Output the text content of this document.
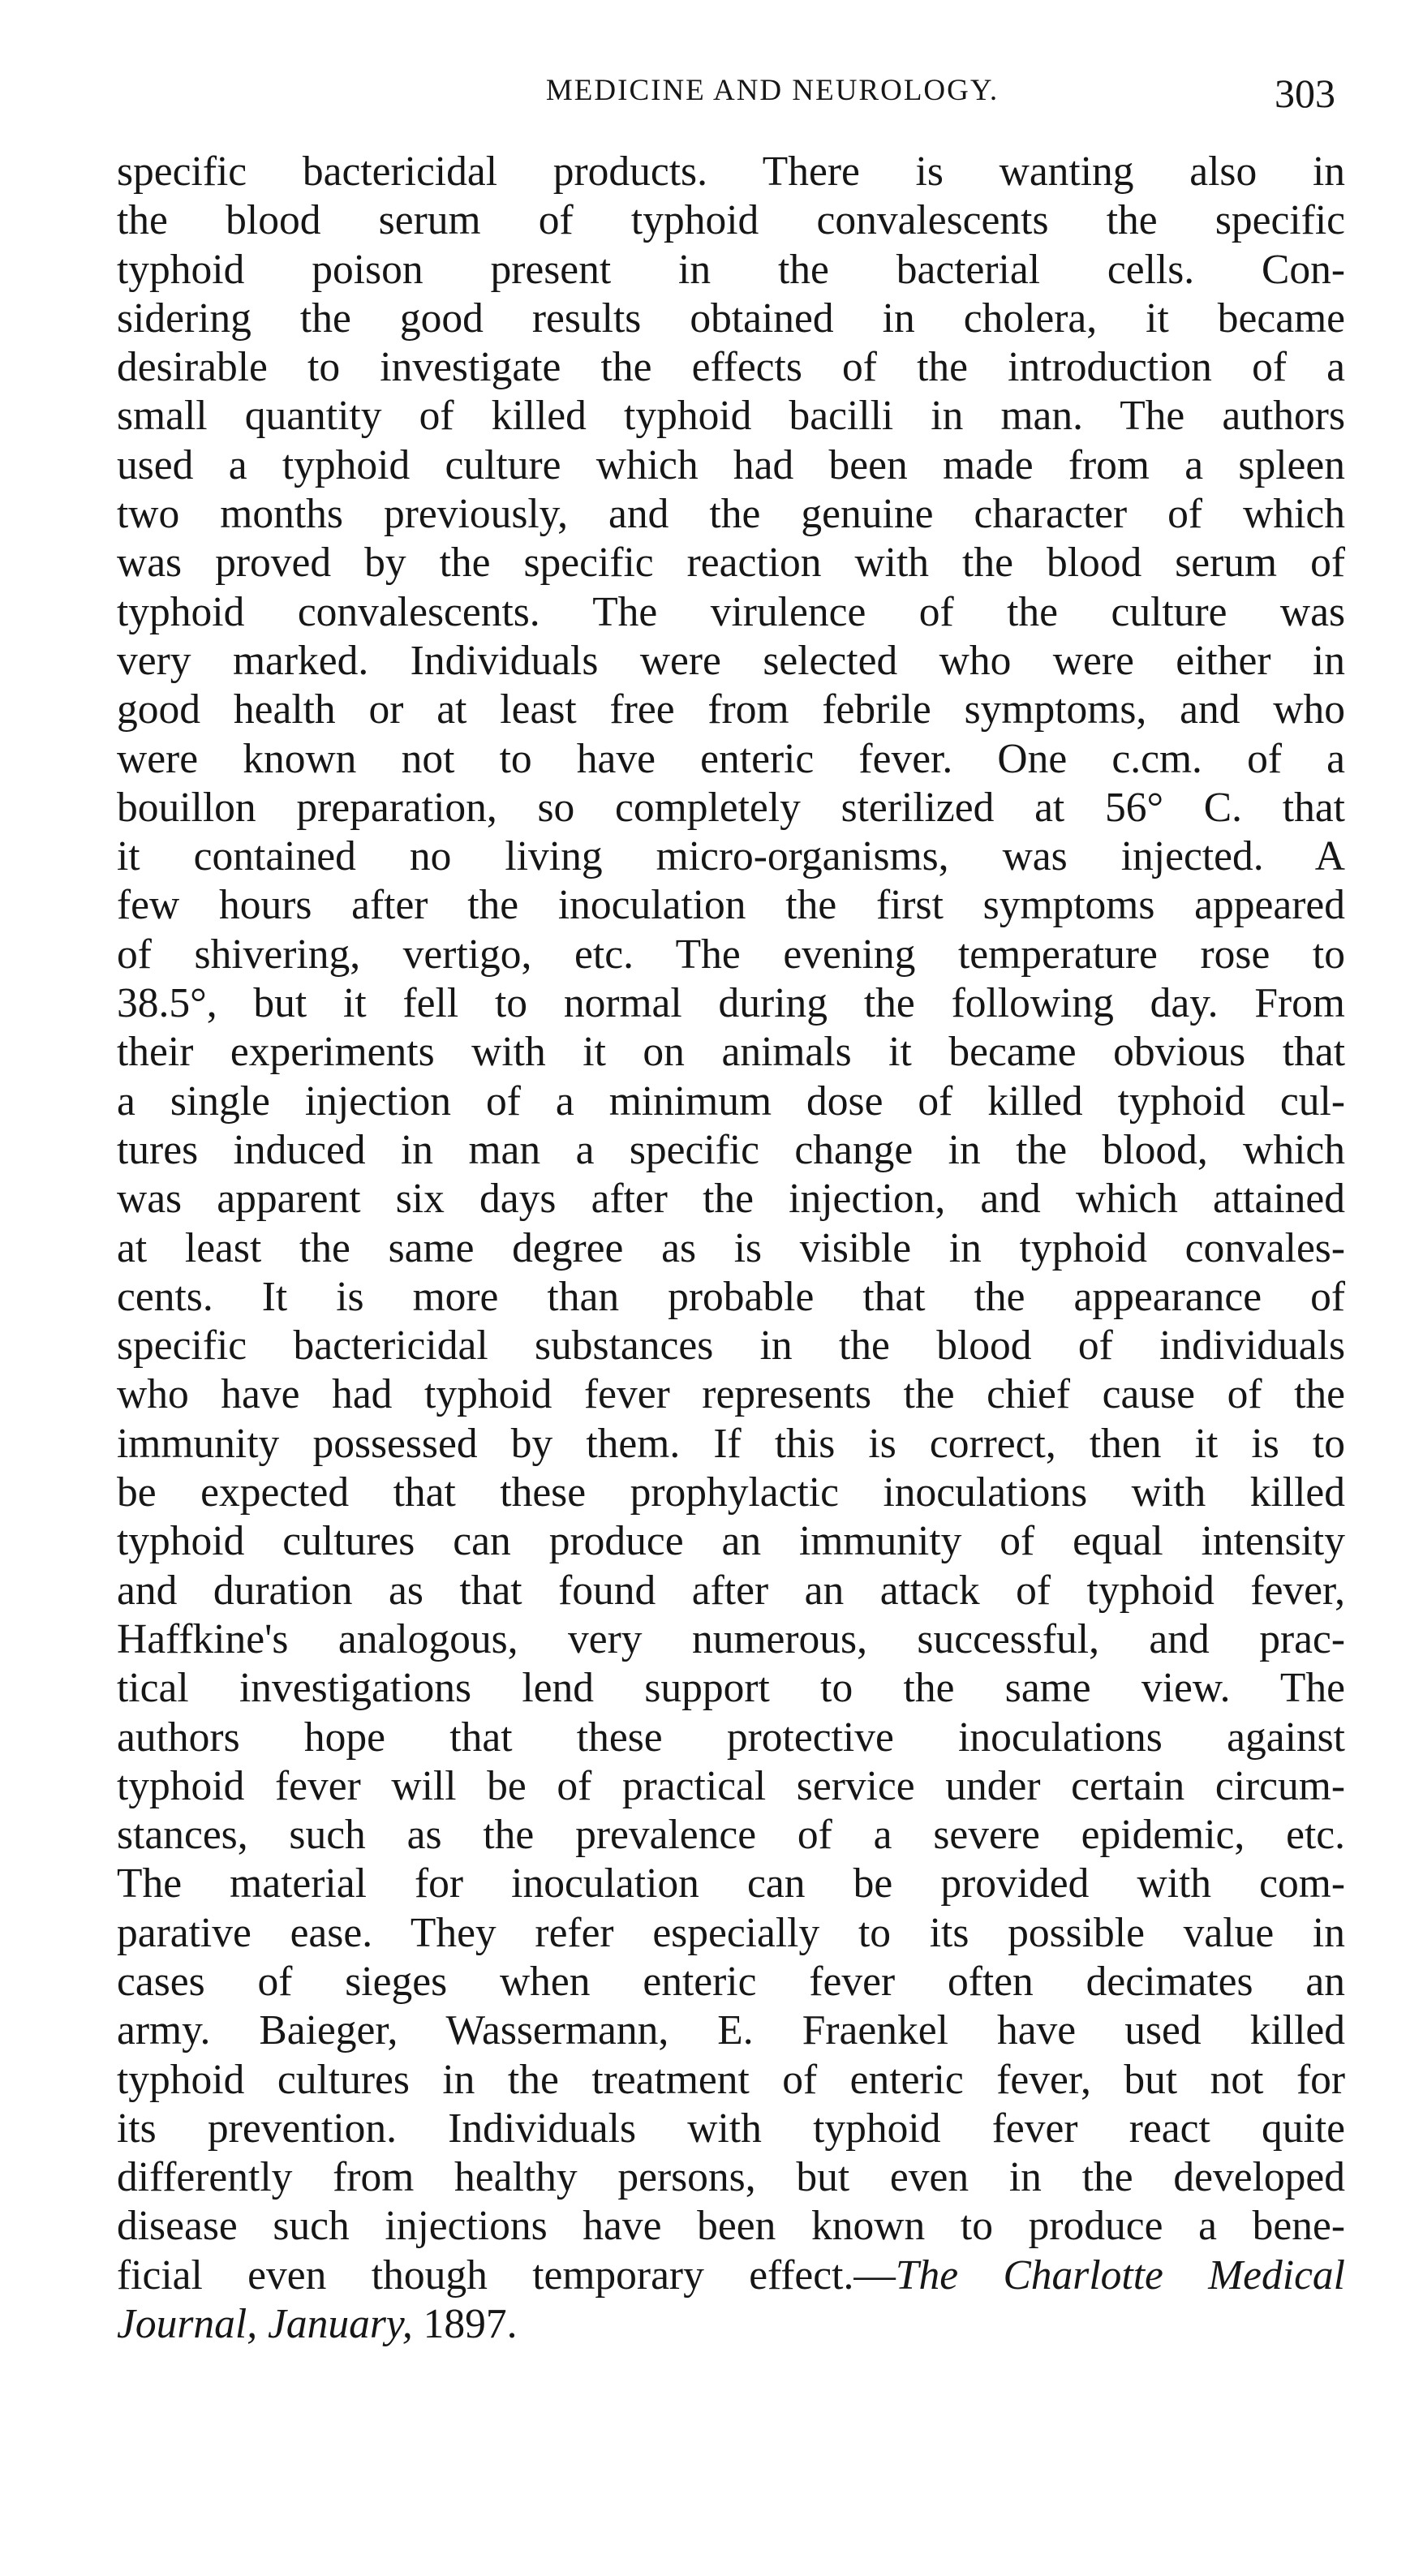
MEDICINE AND NEUROLOGY.	303
specific bactericidal products. There is wanting also in
the blood serum of typhoid convalescents the specific
typhoid poison present in the bacterial cells. Con-
sidering the good results obtained in cholera, it became
desirable to investigate the effects of the introduction of a
small quantity of killed typhoid bacilli in man. The authors
used a typhoid culture which had been made from a spleen
two months previously, and the genuine character of which
was proved by the specific reaction with the blood serum of
typhoid convalescents. The virulence of the culture was
very marked. Individuals were selected who were either in
good health or at least free from febrile symptoms, and who
were known not to have enteric fever. One c.cm. of a
bouillon preparation, so completely sterilized at 56° C. that
it contained no living micro-organisms, was injected. A
few hours after the inoculation the first symptoms appeared
of shivering, vertigo, etc. The evening temperature rose to
38.5°, but it fell to normal during the following day. From
their experiments with it on animals it became obvious that
a single injection of a minimum dose of killed typhoid cul-
tures induced in man a specific change in the blood, which
was apparent six days after the injection, and which attained
at least the same degree as is visible in typhoid convales-
cents. It is more than probable that the appearance of
specific bactericidal substances in the blood of individuals
who have had typhoid fever represents the chief cause of the
immunity possessed by them. If this is correct, then it is to
be expected that these prophylactic inoculations with killed
typhoid cultures can produce an immunity of equal intensity
and duration as that found after an attack of typhoid fever,
Haffkine's analogous, very numerous, successful, and prac-
tical investigations lend support to the same view. The
authors hope that these protective inoculations against
typhoid fever will be of practical service under certain circum-
stances, such as the prevalence of a severe epidemic, etc.
The material for inoculation can be provided with com-
parative ease. They refer especially to its possible value in
cases of sieges when enteric fever often decimates an
army. Baieger, Wassermann, E. Fraenkel have used killed
typhoid cultures in the treatment of enteric fever, but not for
its prevention. Individuals with typhoid fever react quite
differently from healthy persons, but even in the developed
disease such injections have been known to produce a bene-
ficial even though temporary effect.—The Charlotte Medical
Journal, January, 1897.
